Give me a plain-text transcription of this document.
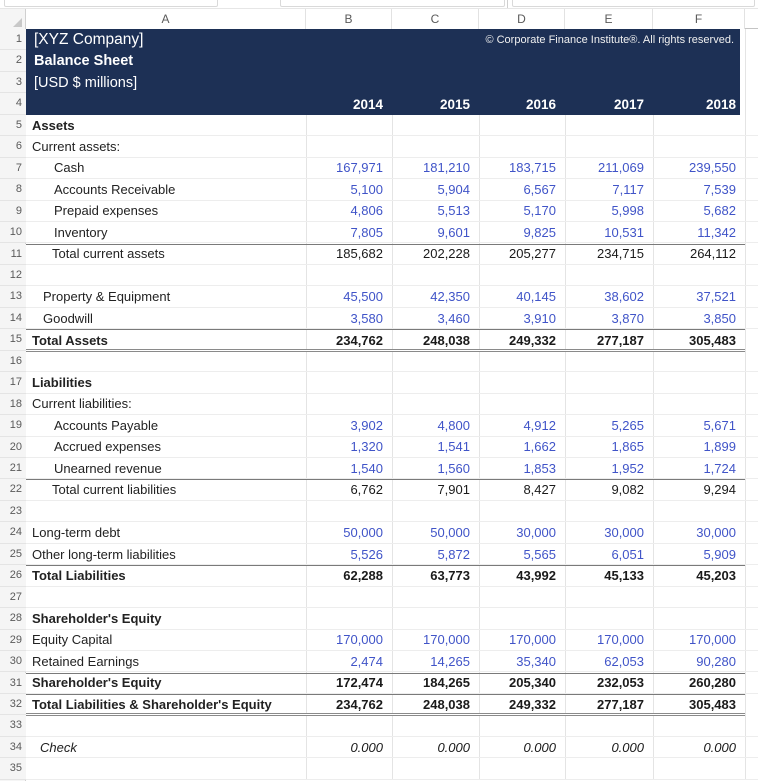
A	B	C	D	E	F
1
2
3
4
5
6
7
8
9
10
11
12
13
14
15
16
17
18
19
20
21
22
23
24
25
26
27
28
29
30
31
32
33
34
35
[XYZ Company]	© Corporate Finance Institute®. All rights reserved.
Balance Sheet
[USD $ millions]
2014	2015	2016	2017	2018
Assets
Current assets:
Cash	167,971	181,210	183,715	211,069	239,550
Accounts Receivable	5,100	5,904	6,567	7,117	7,539
Prepaid expenses	4,806	5,513	5,170	5,998	5,682
Inventory	7,805	9,601	9,825	10,531	11,342
Total current assets	185,682	202,228	205,277	234,715	264,112
Property & Equipment	45,500	42,350	40,145	38,602	37,521
Goodwill	3,580	3,460	3,910	3,870	3,850
Total Assets	234,762	248,038	249,332	277,187	305,483
Liabilities
Current liabilities:
Accounts Payable	3,902	4,800	4,912	5,265	5,671
Accrued expenses	1,320	1,541	1,662	1,865	1,899
Unearned revenue	1,540	1,560	1,853	1,952	1,724
Total current liabilities	6,762	7,901	8,427	9,082	9,294
Long-term debt	50,000	50,000	30,000	30,000	30,000
Other long-term liabilities	5,526	5,872	5,565	6,051	5,909
Total Liabilities	62,288	63,773	43,992	45,133	45,203
Shareholder's Equity
Equity Capital	170,000	170,000	170,000	170,000	170,000
Retained Earnings	2,474	14,265	35,340	62,053	90,280
Shareholder's Equity	172,474	184,265	205,340	232,053	260,280
Total Liabilities & Shareholder's Equity	234,762	248,038	249,332	277,187	305,483
Check	0.000	0.000	0.000	0.000	0.000
